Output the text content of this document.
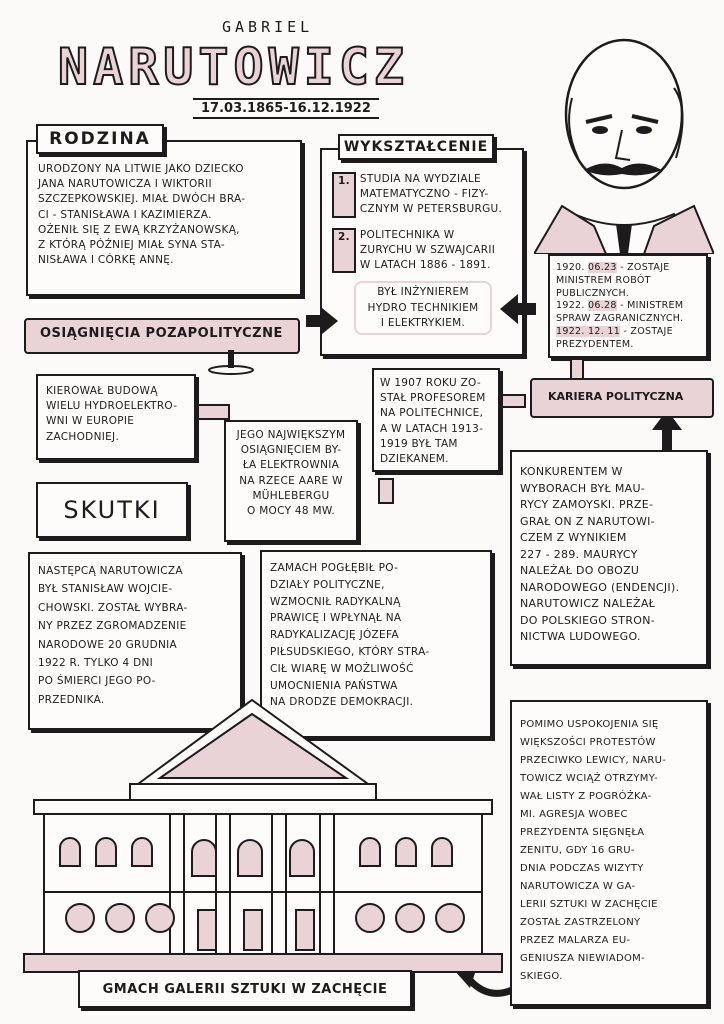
GABRIEL
NARUTOWICZ
17.03.1865-16.12.1922
URODZONY NA LITWIE JAKO DZIECKO
JANA NARUTOWICZA I WIKTORII
SZCZEPKOWSKIEJ. MIAŁ DWÓCH BRA-
CI - STANISŁAWA I KAZIMIERZA.
OŻENIŁ SIĘ Z EWĄ KRZYŻANOWSKĄ,
Z KTÓRĄ PÓŹNIEJ MIAŁ SYNA STA-
NISŁAWA I CÓRKĘ ANNĘ.
RODZINA
1. STUDIA NA WYDZIALE
MATEMATYCZNO - FIZY-
CZNYM W PETERSBURGU.
2. POLITECHNIKA W
ZURYCHU W SZWAJCARII
W LATACH 1886 - 1891.
BYŁ INŻYNIEREM
HYDRO TECHNIKIEM
I ELEKTRYKIEM.
WYKSZTAŁCENIE
1920. 06.23 - ZOSTAJE
MINISTREM ROBÓT
PUBLICZNYCH.
1922. 06.28 - MINISTREM
SPRAW ZAGRANICZNYCH.
1922. 12. 11 - ZOSTAJE
PREZYDENTEM.
OSIĄGNIĘCIA POZAPOLITYCZNE
KIEROWAŁ BUDOWĄ
WIELU HYDROELEKTRO-
WNI W EUROPIE
ZACHODNIEJ.	JEGO NAJWIĘKSZYM
OSIĄGNIĘCIEM BY-
ŁA ELEKTROWNIA
NA RZECE AARE W
MÜHLEBERGU
O MOCY 48 MW.
W 1907 ROKU ZO-
STAŁ PROFESOREM
NA POLITECHNICE,
A W LATACH 1913-
1919 BYŁ TAM
DZIEKANEM.
KARIERA POLITYCZNA
KONKURENTEM W
WYBORACH BYŁ MAU-
RYCY ZAMOYSKI. PRZE-
GRAŁ ON Z NARUTOWI-
CZEM Z WYNIKIEM
227 - 289. MAURYCY
NALEŻAŁ DO OBOZU
NARODOWEGO (ENDENCJI).
NARUTOWICZ NALEŻAŁ
DO POLSKIEGO STRON-
NICTWA LUDOWEGO.
SKUTKI
NASTĘPCĄ NARUTOWICZA
BYŁ STANISŁAW WOJCIE-
CHOWSKI. ZOSTAŁ WYBRA-
NY PRZEZ ZGROMADZENIE
NARODOWE 20 GRUDNIA
1922 R. TYLKO 4 DNI
PO ŚMIERCI JEGO PO-
PRZEDNIKA.
ZAMACH POGŁĘBIŁ PO-
DZIAŁY POLITYCZNE,
WZMOCNIŁ RADYKALNĄ
PRAWICĘ I WPŁYNĄŁ NA
RADYKALIZACJĘ JÓZEFA
PIŁSUDSKIEGO, KTÓRY STRA-
CIŁ WIARĘ W MOŻLIWOŚĆ
UMOCNIENIA PAŃSTWA
NA DRODZE DEMOKRACJI.
POMIMO USPOKOJENIA SIĘ
WIĘKSZOŚCI PROTESTÓW
PRZECIWKO LEWICY, NARU-
TOWICZ WCIĄŻ OTRZYMY-
WAŁ LISTY Z POGRÓŻKA-
MI. AGRESJA WOBEC
PREZYDENTA SIĘGNĘŁA
ZENITU, GDY 16 GRU-
DNIA PODCZAS WIZYTY
NARUTOWICZA W GA-
LERII SZTUKI W ZACHĘCIE
ZOSTAŁ ZASTRZELONY
PRZEZ MALARZA EU-
GENIUSZA NIEWIADOM-
SKIEGO.
GMACH GALERII SZTUKI W ZACHĘCIE
